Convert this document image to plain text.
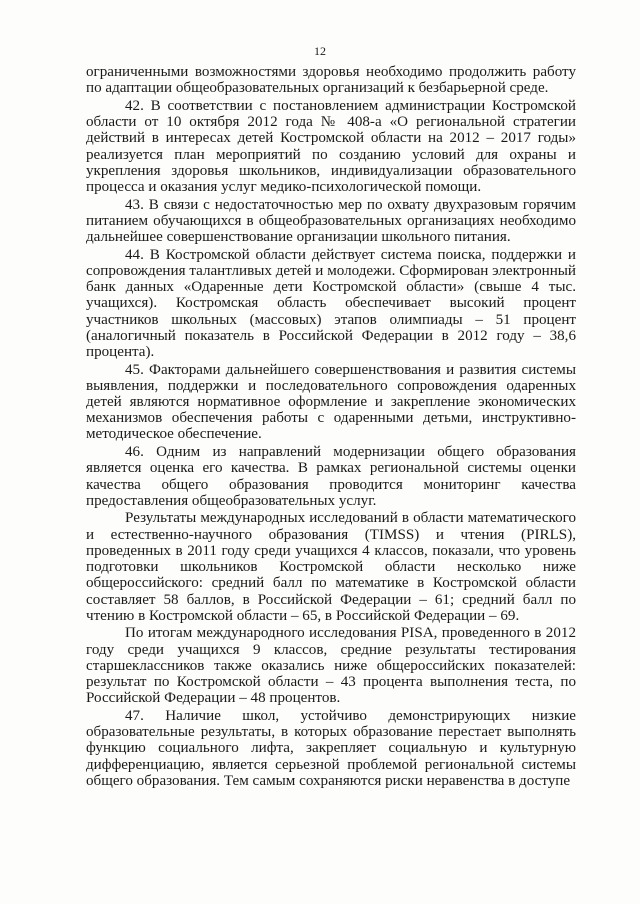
12

ограниченными возможностями здоровья необходимо продолжить работу по адаптации общеобразовательных организаций к безбарьерной среде.

42. В соответствии с постановлением администрации Костромской области от 10 октября 2012 года № 408-а «О региональной стратегии действий в интересах детей Костромской области на 2012 – 2017 годы» реализуется план мероприятий по созданию условий для охраны и укрепления здоровья школьников, индивидуализации образовательного процесса и оказания услуг медико-психологической помощи.

43. В связи с недостаточностью мер по охвату двухразовым горячим питанием обучающихся в общеобразовательных организациях необходимо дальнейшее совершенствование организации школьного питания.

44. В Костромской области действует система поиска, поддержки и сопровождения талантливых детей и молодежи. Сформирован электронный банк данных «Одаренные дети Костромской области» (свыше 4 тыс. учащихся). Костромская область обеспечивает высокий процент участников школьных (массовых) этапов олимпиады – 51 процент (аналогичный показатель в Российской Федерации в 2012 году – 38,6 процента).

45. Факторами дальнейшего совершенствования и развития системы выявления, поддержки и последовательного сопровождения одаренных детей являются нормативное оформление и закрепление экономических механизмов обеспечения работы с одаренными детьми, инструктивно-методическое обеспечение.

46. Одним из направлений модернизации общего образования является оценка его качества. В рамках региональной системы оценки качества общего образования проводится мониторинг качества предоставления общеобразовательных услуг.

Результаты международных исследований в области математического и естественно-научного образования (TIMSS) и чтения (PIRLS), проведенных в 2011 году среди учащихся 4 классов, показали, что уровень подготовки школьников Костромской области несколько ниже общероссийского: средний балл по математике в Костромской области составляет 58 баллов, в Российской Федерации – 61; средний балл по чтению в Костромской области – 65, в Российской Федерации – 69.

По итогам международного исследования PISA, проведенного в 2012 году среди учащихся 9 классов, средние результаты тестирования старшеклассников также оказались ниже общероссийских показателей: результат по Костромской области – 43 процента выполнения теста, по Российской Федерации – 48 процентов.

47. Наличие школ, устойчиво демонстрирующих низкие образовательные результаты, в которых образование перестает выполнять функцию социального лифта, закрепляет социальную и культурную дифференциацию, является серьезной проблемой региональной системы общего образования. Тем самым сохраняются риски неравенства в доступе
